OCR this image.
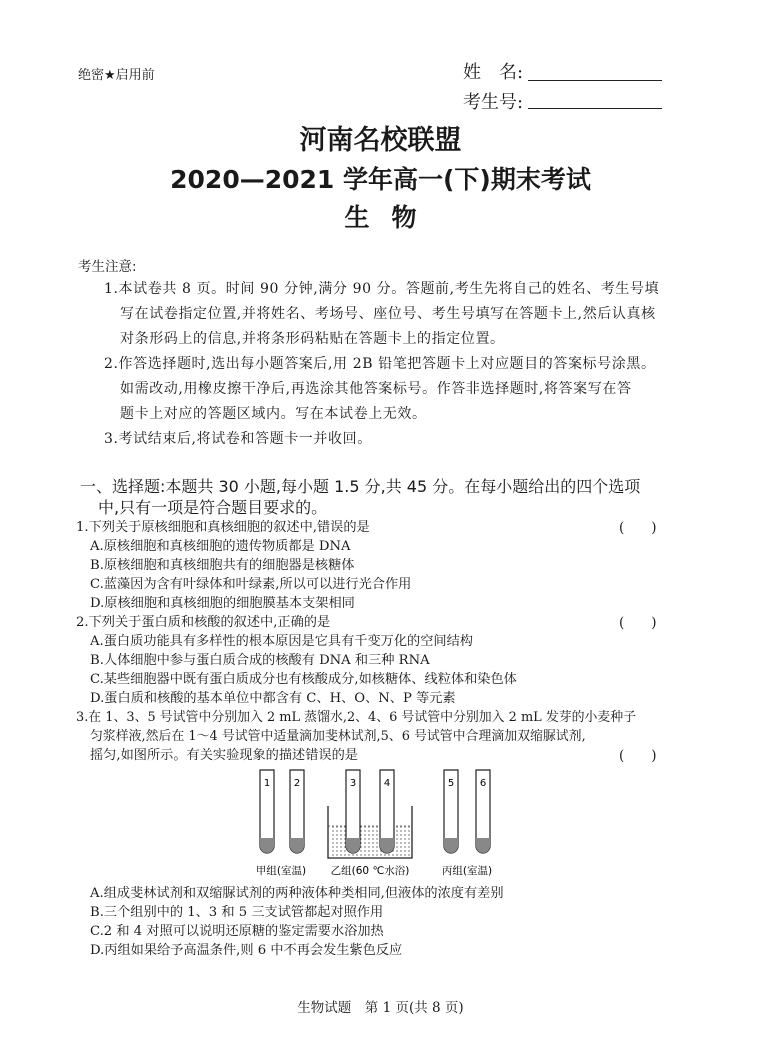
绝密★启用前	姓　名:
考生号:
河南名校联盟
2020—2021 学年高一(下)期末考试
生物
考生注意:
1.本试卷共 8 页。时间 90 分钟,满分 90 分。答题前,考生先将自己的姓名、考生号填
写在试卷指定位置,并将姓名、考场号、座位号、考生号填写在答题卡上,然后认真核
对条形码上的信息,并将条形码粘贴在答题卡上的指定位置。
2.作答选择题时,选出每小题答案后,用 2B 铅笔把答题卡上对应题目的答案标号涂黑。
如需改动,用橡皮擦干净后,再选涂其他答案标号。作答非选择题时,将答案写在答
题卡上对应的答题区域内。写在本试卷上无效。
3.考试结束后,将试卷和答题卡一并收回。
一、选择题:本题共 30 小题,每小题 1.5 分,共 45 分。在每小题给出的四个选项
中,只有一项是符合题目要求的。
1.下列关于原核细胞和真核细胞的叙述中,错误的是	(　　)
A.原核细胞和真核细胞的遗传物质都是 DNA
B.原核细胞和真核细胞共有的细胞器是核糖体
C.蓝藻因为含有叶绿体和叶绿素,所以可以进行光合作用
D.原核细胞和真核细胞的细胞膜基本支架相同
2.下列关于蛋白质和核酸的叙述中,正确的是	(　　)
A.蛋白质功能具有多样性的根本原因是它具有千变万化的空间结构
B.人体细胞中参与蛋白质合成的核酸有 DNA 和三种 RNA
C.某些细胞器中既有蛋白质成分也有核酸成分,如核糖体、线粒体和染色体
D.蛋白质和核酸的基本单位中都含有 C、H、O、N、P 等元素
3.在 1、3、5 号试管中分别加入 2 mL 蒸馏水,2、4、6 号试管中分别加入 2 mL 发芽的小麦种子
匀浆样液,然后在 1～4 号试管中适量滴加斐林试剂,5、6 号试管中合理滴加双缩脲试剂,
摇匀,如图所示。有关实验现象的描述错误的是	(　　)
1 2	3	4	5	6
甲组(室温) 乙组(60 ℃水浴)	丙组(室温)
A.组成斐林试剂和双缩脲试剂的两种液体种类相同,但液体的浓度有差别
B.三个组别中的 1、3 和 5 三支试管都起对照作用
C.2 和 4 对照可以说明还原糖的鉴定需要水浴加热
D.丙组如果给予高温条件,则 6 中不再会发生紫色反应
生物试题　第 1 页(共 8 页)
